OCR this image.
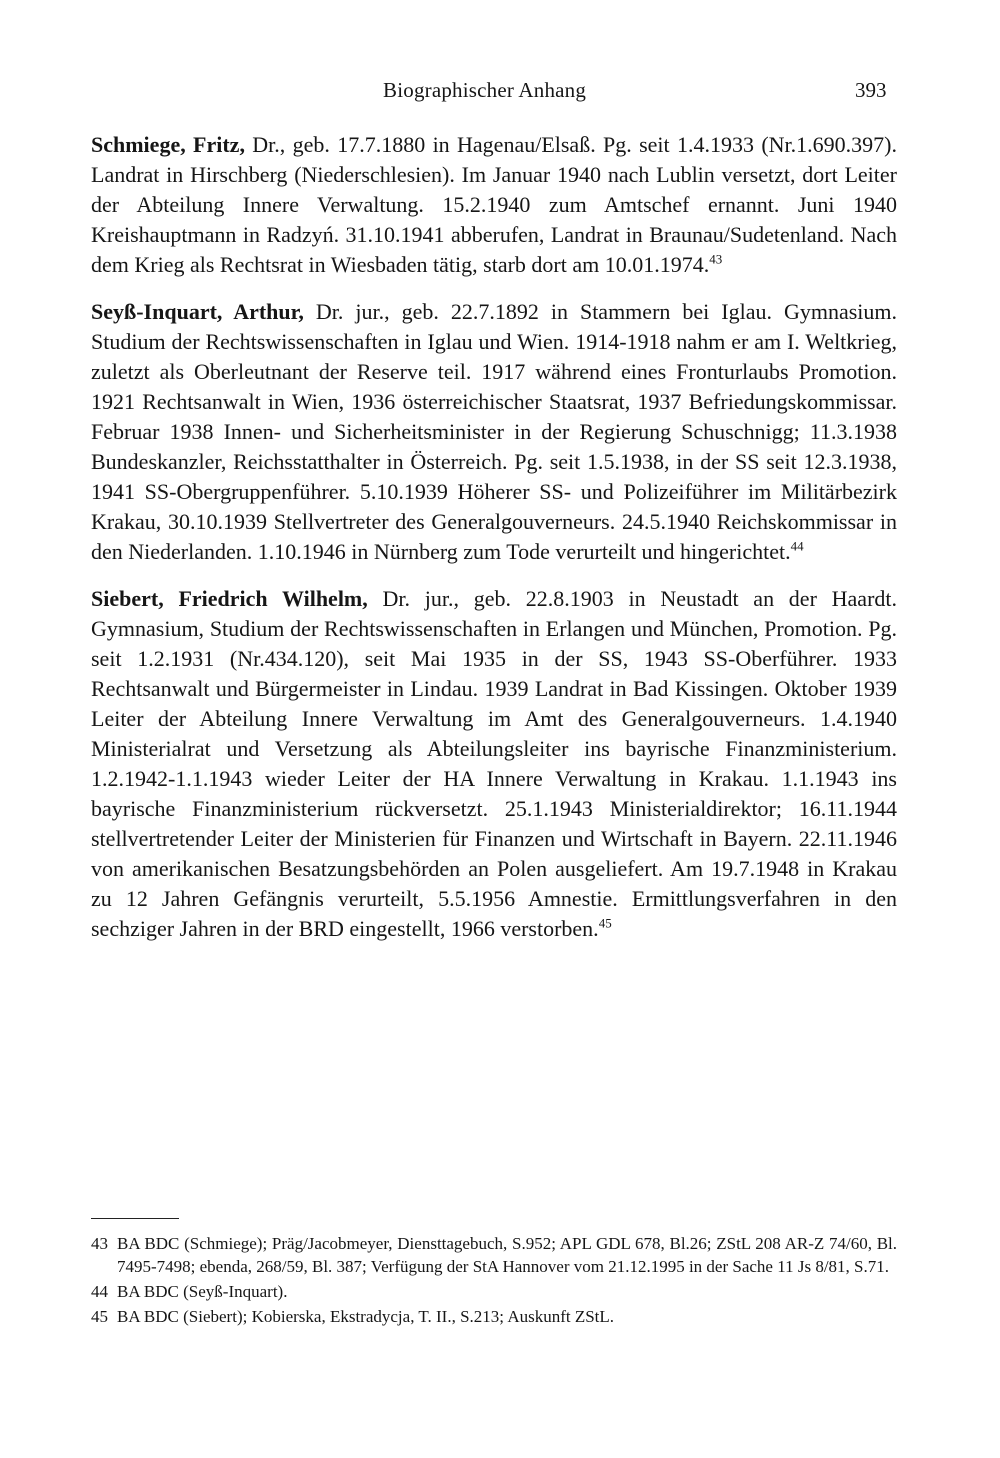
Biographischer Anhang	393

Schmiege, Fritz, Dr., geb. 17.7.1880 in Hagenau/Elsaß. Pg. seit 1.4.1933 (Nr.1.690.397). Landrat in Hirschberg (Niederschlesien). Im Januar 1940 nach Lublin versetzt, dort Leiter der Abteilung Innere Verwaltung. 15.2.1940 zum Amtschef ernannt. Juni 1940 Kreishauptmann in Radzyń. 31.10.1941 abberufen, Landrat in Braunau/Sudetenland. Nach dem Krieg als Rechtsrat in Wiesbaden tätig, starb dort am 10.01.1974.43

Seyß-Inquart, Arthur, Dr. jur., geb. 22.7.1892 in Stammern bei Iglau. Gymnasium. Studium der Rechtswissenschaften in Iglau und Wien. 1914-1918 nahm er am I. Weltkrieg, zuletzt als Oberleutnant der Reserve teil. 1917 während eines Fronturlaubs Promotion. 1921 Rechtsanwalt in Wien, 1936 österreichischer Staatsrat, 1937 Befriedungskommissar. Februar 1938 Innen- und Sicherheitsminister in der Regierung Schuschnigg; 11.3.1938 Bundeskanzler, Reichsstatthalter in Österreich. Pg. seit 1.5.1938, in der SS seit 12.3.1938, 1941 SS-Obergruppenführer. 5.10.1939 Höherer SS- und Polizeiführer im Militärbezirk Krakau, 30.10.1939 Stellvertreter des Generalgouverneurs. 24.5.1940 Reichskommissar in den Niederlanden. 1.10.1946 in Nürnberg zum Tode verurteilt und hingerichtet.$^{44}$

Siebert, Friedrich Wilhelm, Dr. jur., geb. 22.8.1903 in Neustadt an der Haardt. Gymnasium, Studium der Rechtswissenschaften in Erlangen und München, Promotion. Pg. seit 1.2.1931 (Nr.434.120), seit Mai 1935 in der SS, 1943 SS-Oberführer. 1933 Rechtsanwalt und Bürgermeister in Lindau. 1939 Landrat in Bad Kissingen. Oktober 1939 Leiter der Abteilung Innere Verwaltung im Amt des Generalgouverneurs. 1.4.1940 Ministerialrat und Versetzung als Abteilungsleiter ins bayrische Finanzministerium. 1.2.1942-1.1.1943 wieder Leiter der HA Innere Verwaltung in Krakau. 1.1.1943 ins bayrische Finanzministerium rückversetzt. 25.1.1943 Ministerialdirektor; 16.11.1944 stellvertretender Leiter der Ministerien für Finanzen und Wirtschaft in Bayern. 22.11.1946 von amerikanischen Besatzungsbehörden an Polen ausgeliefert. Am 19.7.1948 in Krakau zu 12 Jahren Gefängnis verurteilt, 5.5.1956 Amnestie. Ermittlungsverfahren in den sechziger Jahren in der BRD eingestellt, 1966 verstorben.$^{45}$

43 BA BDC (Schmiege); Präg/Jacobmeyer, Diensttagebuch, S.952; APL GDL 678, Bl.26; ZStL 208 AR-Z 74/60, Bl. 7495-7498; ebenda, 268/59, Bl. 387; Verfügung der StA Hannover vom 21.12.1995 in der Sache 11 Js 8/81, S.71.
44 BA BDC (Seyß-Inquart).
45 BA BDC (Siebert); Kobierska, Ekstradycja, T. II., S.213; Auskunft ZStL.
